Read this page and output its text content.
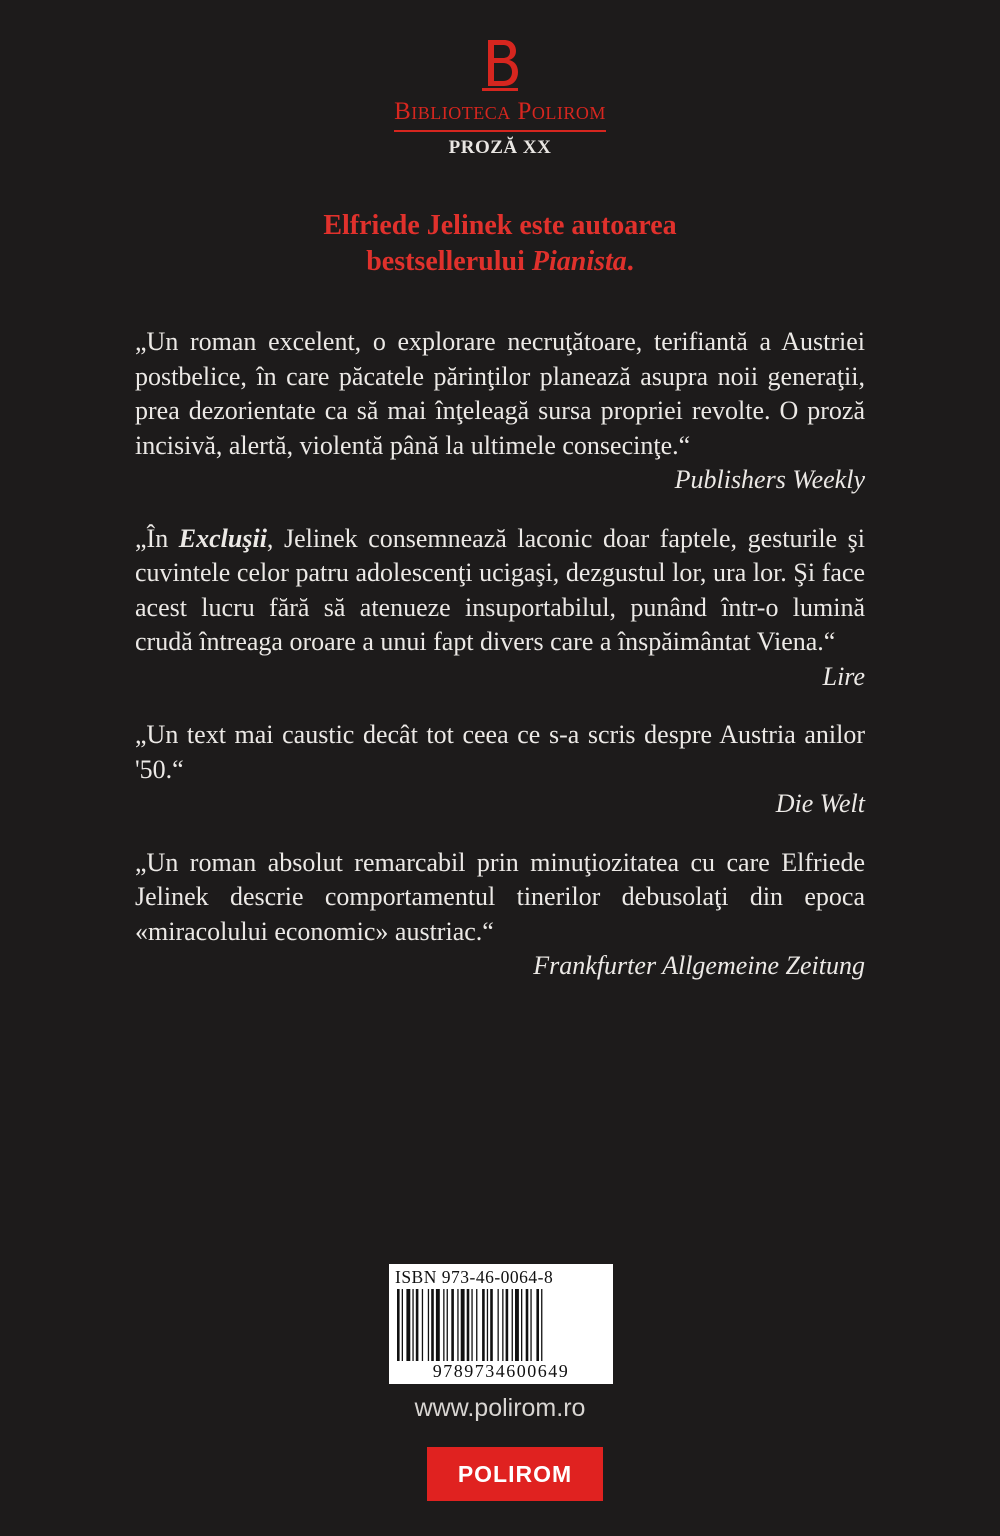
Biblioteca Polirom
PROZĂ XX
Elfriede Jelinek este autoarea
bestsellerului Pianista.

„Un roman excelent, o explorare necruţătoare, terifiantă a Austriei postbelice, în care păcatele părinţilor planează asupra noii generaţii, prea dezorientate ca să mai înţeleagă sursa propriei revolte. O proză incisivă, alertă, violentă până la ultimele consecinţe.“

Publishers Weekly

„În Excluşii, Jelinek consemnează laconic doar faptele, gesturile şi cuvintele celor patru adolescenţi ucigaşi, dezgustul lor, ura lor. Şi face acest lucru fără să atenueze insuportabilul, punând într-o lumină crudă întreaga oroare a unui fapt divers care a înspăimântat Viena.“

Lire

„Un text mai caustic decât tot ceea ce s-a scris despre Austria anilor '50.“

Die Welt

„Un roman absolut remarcabil prin minuţiozitatea cu care Elfriede Jelinek descrie comportamentul tinerilor debusolaţi din epoca «miracolului economic» austriac.“

Frankfurter Allgemeine Zeitung

ISBN 973-46-0064-8
9789734600649
www.polirom.ro
POLIROM
